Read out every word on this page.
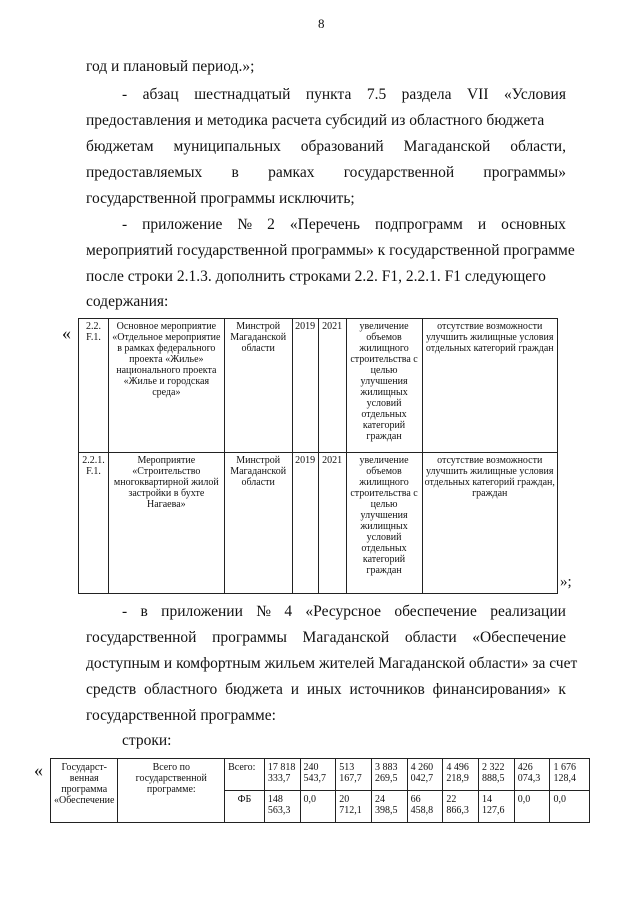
8
год и плановый период.»;
- абзац шестнадцатый пункта 7.5 раздела VII «Условия
предоставления и методика расчета субсидий из областного бюджета
бюджетам муниципальных образований Магаданской области,
предоставляемых в рамках государственной программы»
государственной программы исключить;
- приложение № 2 «Перечень подпрограмм и основных
мероприятий государственной программы» к государственной программе
после строки 2.1.3. дополнить строками 2.2. F1, 2.2.1. F1 следующего
содержания:
« 2.2.
F.1.	Основное мероприятие «Отдельное мероприятие в рамках федерального проекта «Жилье» национального проекта «Жилье и городская среда»	Минстрой Магаданской области	2019	2021	увеличение объемов жилищного строительства с целью улучшения жилищных условий отдельных категорий граждан	отсутствие возможности улучшить жилищные условия отдельных категорий граждан
2.2.1.
F.1.	Мероприятие «Строительство многоквартирной жилой застройки в бухте Нагаева»	Минстрой Магаданской области	2019	2021	увеличение объемов жилищного строительства с целью улучшения жилищных условий отдельных категорий граждан	отсутствие возможности улучшить жилищные условия отдельных категорий граждан, граждан
»;
- в приложении № 4 «Ресурсное обеспечение реализации
государственной программы Магаданской области «Обеспечение
доступным и комфортным жильем жителей Магаданской области» за счет
средств областного бюджета и иных источников финансирования» к
государственной программе:
строки:
« Государст-венная программа «Обеспечение	Всего по государственной программе:	Всего:	17 818 333,7	240 543,7	513 167,7	3 883 269,5	4 260 042,7	4 496 218,9	2 322 888,5	426 074,3	1 676 128,4
		ФБ	148 563,3	0,0	20 712,1	24 398,5	66 458,8	22 866,3	14 127,6	0,0	0,0
